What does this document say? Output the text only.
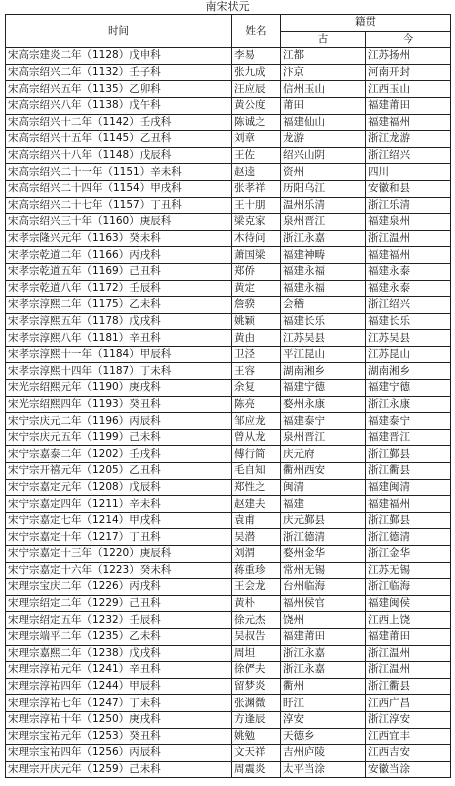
南宋状元
时间	姓名	籍贯	
		古	今
宋高宗建炎二年（1128）戊申科	李易	江都	江苏扬州
宋高宗绍兴二年（1132）壬子科	张九成	汴京	河南开封
宋高宗绍兴五年（1135）乙卯科	汪应辰	信州玉山	江西玉山
宋高宗绍兴八年（1138）戊午科	黄公度	莆田	福建莆田
宋高宗绍兴十二年（1142）壬戌科	陈诚之	福建仙山	福建福州
宋高宗绍兴十五年（1145）乙丑科	刘章	龙游	浙江龙游
宋高宗绍兴十八年（1148）戊辰科	王佐	绍兴山阴	浙江绍兴
宋高宗绍兴二十一年（1151）辛未科	赵逵	资州	四川
宋高宗绍兴二十四年（1154）甲戌科	张孝祥	历阳乌江	安徽和县
宋高宗绍兴二十七年（1157）丁丑科	王十朋	温州乐清	浙江乐清
宋高宗绍兴三十年（1160）庚辰科	梁克家	泉州晋江	福建泉州
宋孝宗隆兴元年（1163）癸未科	木待问	浙江永嘉	浙江温州
宋孝宗乾道二年（1166）丙戌科	萧国梁	福建神畴	福建福州
宋孝宗乾道五年（1169）己丑科	郑侨	福建永福	福建永泰
宋孝宗乾道八年（1172）壬辰科	黄定	福建永福	福建永泰
宋孝宗淳熙二年（1175）乙未科	詹骙	会稽	浙江绍兴
宋孝宗淳熙五年（1178）戊戌科	姚颖	福建长乐	福建长乐
宋孝宗淳熙八年（1181）辛丑科	黄由	江苏吴县	江苏吴县
宋孝宗淳熙十一年（1184）甲辰科	卫泾	平江昆山	江苏昆山
宋孝宗淳熙十四年（1187）丁未科	王容	湖南湘乡	湖南湘乡
宋光宗绍熙元年（1190）庚戌科	余复	福建宁德	福建宁德
宋光宗绍熙四年（1193）癸丑科	陈亮	婺州永康	浙江永康
宋宁宗庆元二年（1196）丙辰科	邹应龙	福建泰宁	福建泰宁
宋宁宗庆元五年（1199）己未科	曾从龙	泉州晋江	福建晋江
宋宁宗嘉泰二年（1202）壬戌科	傅行简	庆元府	浙江鄞县
宋宁宗开禧元年（1205）乙丑科	毛自知	衢州西安	浙江衢县
宋宁宗嘉定元年（1208）戊辰科	郑性之	闽清	福建闽清
宋宁宗嘉定四年（1211）辛未科	赵建夫	福建	福建福州
宋宁宗嘉定七年（1214）甲戌科	袁甫	庆元鄞县	浙江鄞县
宋宁宗嘉定十年（1217）丁丑科	吴潜	浙江德清	浙江德清
宋宁宗嘉定十三年（1220）庚辰科	刘渭	婺州金华	浙江金华
宋宁宗嘉定十六年（1223）癸未科	蒋重珍	常州无锡	江苏无锡
宋理宗宝庆二年（1226）丙戌科	王会龙	台州临海	浙江临海
宋理宗绍定二年（1229）己丑科	黄朴	福州侯官	福建闽侯
宋理宗绍定五年（1232）壬辰科	徐元杰	饶州	江西上饶
宋理宗端平二年（1235）乙未科	吴叔告	福建莆田	福建莆田
宋理宗嘉熙二年（1238）戊戌科	周坦	浙江永嘉	浙江温州
宋理宗淳祐元年（1241）辛丑科	徐俨夫	浙江永嘉	浙江温州
宋理宗淳祐四年（1244）甲辰科	留梦炎	衢州	浙江衢县
宋理宗淳祐七年（1247）丁未科	张渊微	盱江	江西广昌
宋理宗淳祐十年（1250）庚戌科	方逢辰	淳安	浙江淳安
宋理宗宝祐元年（1253）癸丑科	姚勉	天德乡	江西宜丰
宋理宗宝祐四年（1256）丙辰科	文天祥	吉州庐陵	江西吉安
宋理宗开庆元年（1259）己未科	周震炎	太平当涂	安徽当涂
